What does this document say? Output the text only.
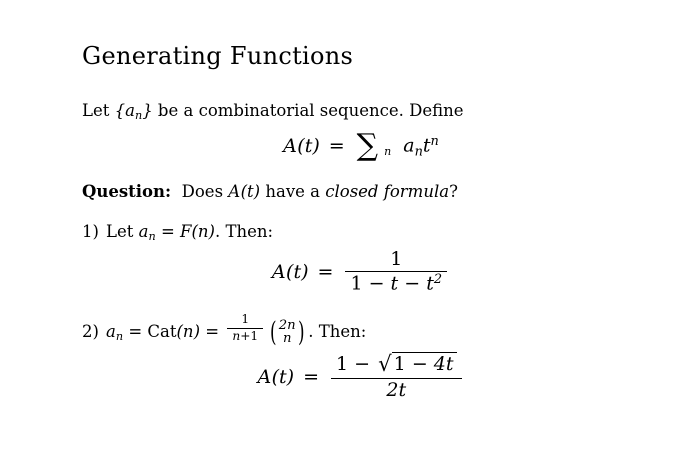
Generating Functions

Let $\{a_n\}$ be a combinatorial sequence. Define

A(t) = ∑ n $a_nt^n$

Question: Does A(t) have a closed formula?

1) Let $a_n = F(n)$. Then:
$A(t) = \frac{1}{1 - t - t^2}$
2) $a_n = Cat(n) = \frac{1}{n+1}$ ( 2n
n ) . Then:
$A(t) = \frac{1 - √ 1 - 4t}{2t}$
